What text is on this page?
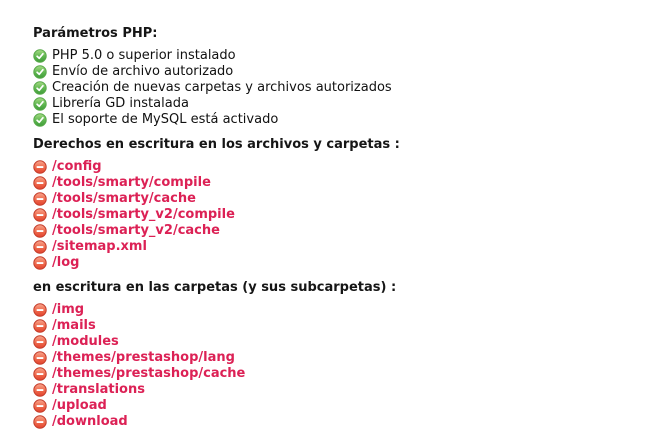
Parámetros PHP:
PHP 5.0 o superior instalado
Envío de archivo autorizado
Creación de nuevas carpetas y archivos autorizados
Librería GD instalada
El soporte de MySQL está activado
Derechos en escritura en los archivos y carpetas :
/config
/tools/smarty/compile
/tools/smarty/cache
/tools/smarty_v2/compile
/tools/smarty_v2/cache
/sitemap.xml
/log
en escritura en las carpetas (y sus subcarpetas) :
/img
/mails
/modules
/themes/prestashop/lang
/themes/prestashop/cache
/translations
/upload
/download
